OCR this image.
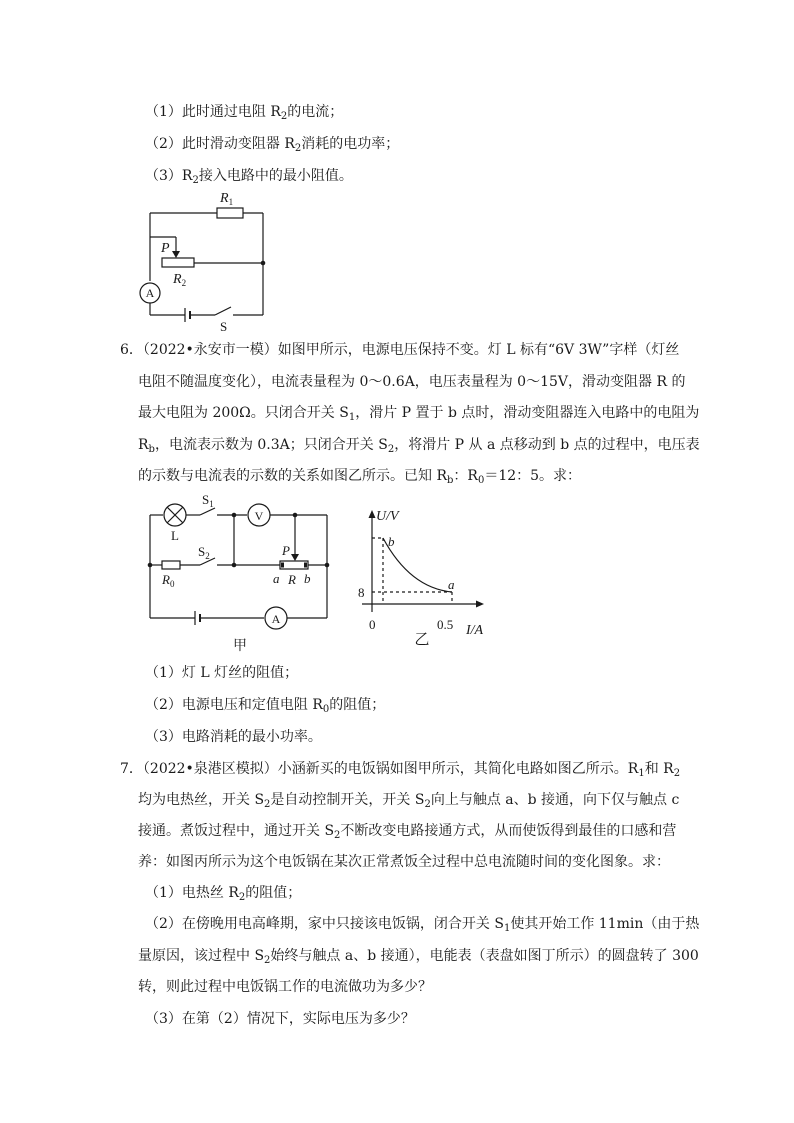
（1）此时通过电阻 $R_2$的电流；
（2）此时滑动变阻器 $R_2$消耗的电功率；
$(3)R_2$接入电路中的最小阻值。
$R_1$
P
$R_2$
A
S
6．（2022•永安市一模）如图甲所示，电源电压保持不变。灯 L 标有“6V 3W”字样（灯丝
电阻不随温度变化），电流表量程为 0～0.6A，电压表量程为 0～15V，滑动变阻器 R 的
最大电阻为 200Ω。只闭合开关 $S_1$，滑片 P 置于 b 点时，滑动变阻器连入电路中的电阻为
$R_b$，电流表示数为 0.3A；只闭合开关 $S_2$，将滑片 P 从 a 点移动到 b 点的过程中，电压表
的示数与电流表的示数的关系如图乙所示。已知 $R_b$：$R_0=12$：5。求：
L
$S_1$
V
$S_2$
$R_0$
P
a R b
A
甲
U/V
I/A
0
8
0.5
b
a
乙
（1）灯 L 灯丝的阻值；
（2）电源电压和定值电阻 $R_0$的阻值；
（3）电路消耗的最小功率。
7．（2022•泉港区模拟）小涵新买的电饭锅如图甲所示，其简化电路如图乙所示。$R_1$和 $R_2$
均为电热丝，开关 $S_2$是自动控制开关，开关 $S_2$向上与触点 a、b 接通，向下仅与触点 c
接通。煮饭过程中，通过开关 $S_2$不断改变电路接通方式，从而使饭得到最佳的口感和营
养：如图丙所示为这个电饭锅在某次正常煮饭全过程中总电流随时间的变化图象。求：
（1）电热丝 $R_2$的阻值；
（2）在傍晚用电高峰期，家中只接该电饭锅，闭合开关 $S_1$使其开始工作 11min（由于热
量原因，该过程中 $S_2$始终与触点 a、b 接通），电能表（表盘如图丁所示）的圆盘转了 300
转，则此过程中电饭锅工作的电流做功为多少？
（3）在第（2）情况下，实际电压为多少？
